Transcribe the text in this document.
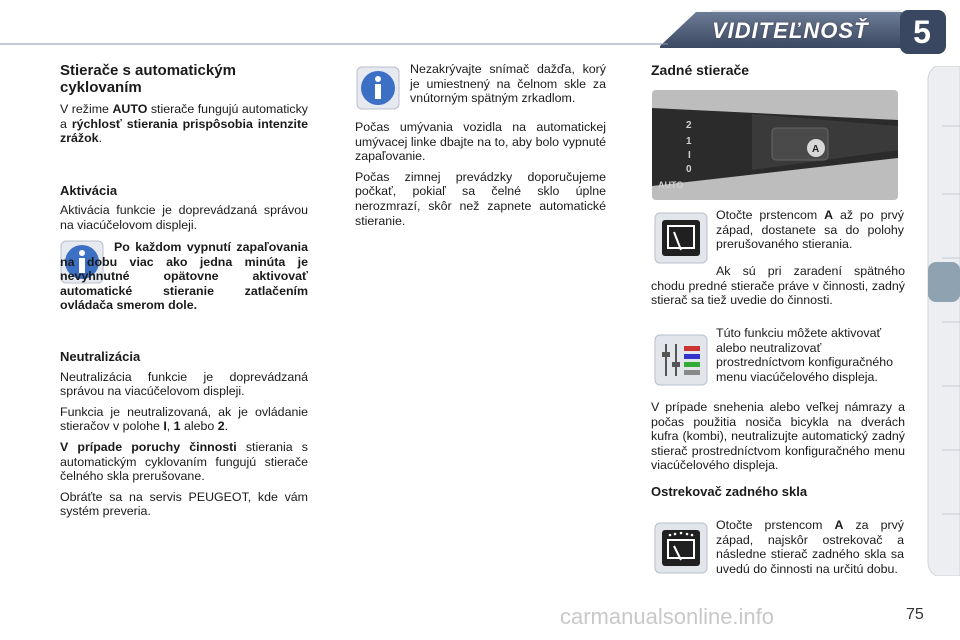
VIDITEĽNOSŤ	5
Stierače s automatickým cyklovaním

V režime AUTO stierače fungujú automaticky a rýchlosť stierania prispôsobia intenzite zrážok.

Aktivácia

Aktivácia funkcie je doprevádzaná správou na viacúčelovom displeji.

Po každom vypnutí zapaľovania na dobu viac ako jedna minúta je nevyhnutné opätovne aktivovať automatické stieranie zatlačením ovládača smerom dole.

Neutralizácia

Neutralizácia funkcie je doprevádzaná správou na viacúčelovom displeji.

Funkcia je neutralizovaná, ak je ovládanie stieračov v polohe I, 1 alebo 2.

V prípade poruchy činnosti stierania s automatickým cyklovaním fungujú stierače čelného skla prerušovane.

Obráťte sa na servis PEUGEOT, kde vám systém preveria.

Nezakrývajte snímač dažďa, korý je umiestnený na čelnom skle za vnútorným spätným zrkadlom.

Počas umývania vozidla na automatickej umývacej linke dbajte na to, aby bolo vypnuté zapaľovanie.

Počas zimnej prevádzky doporučujeme počkať, pokiaľ sa čelné sklo úplne nerozmrazí, skôr než zapnete automatické stieranie.

Zadné stierače
2
1
I
0
AUTO
A

Otočte prstencom A až po prvý západ, dostanete sa do polohy prerušovaného stierania.

Ak sú pri zaradení spätného chodu predné stierače práve v činnosti, zadný stierač sa tiež uvedie do činnosti.

Túto funkciu môžete aktivovať alebo neutralizovať prostredníctvom konfiguračného menu viacúčelového displeja.

V prípade snehenia alebo veľkej námrazy a počas použitia nosiča bicykla na dverách kufra (kombi), neutralizujte automatický zadný stierač prostredníctvom konfiguračného menu viacúčelového displeja.

Ostrekovač zadného skla

Otočte prstencom A za prvý západ, najskôr ostrekovač a následne stierač zadného skla sa uvedú do činnosti na určitú dobu.

carmanualsonline.info	75
